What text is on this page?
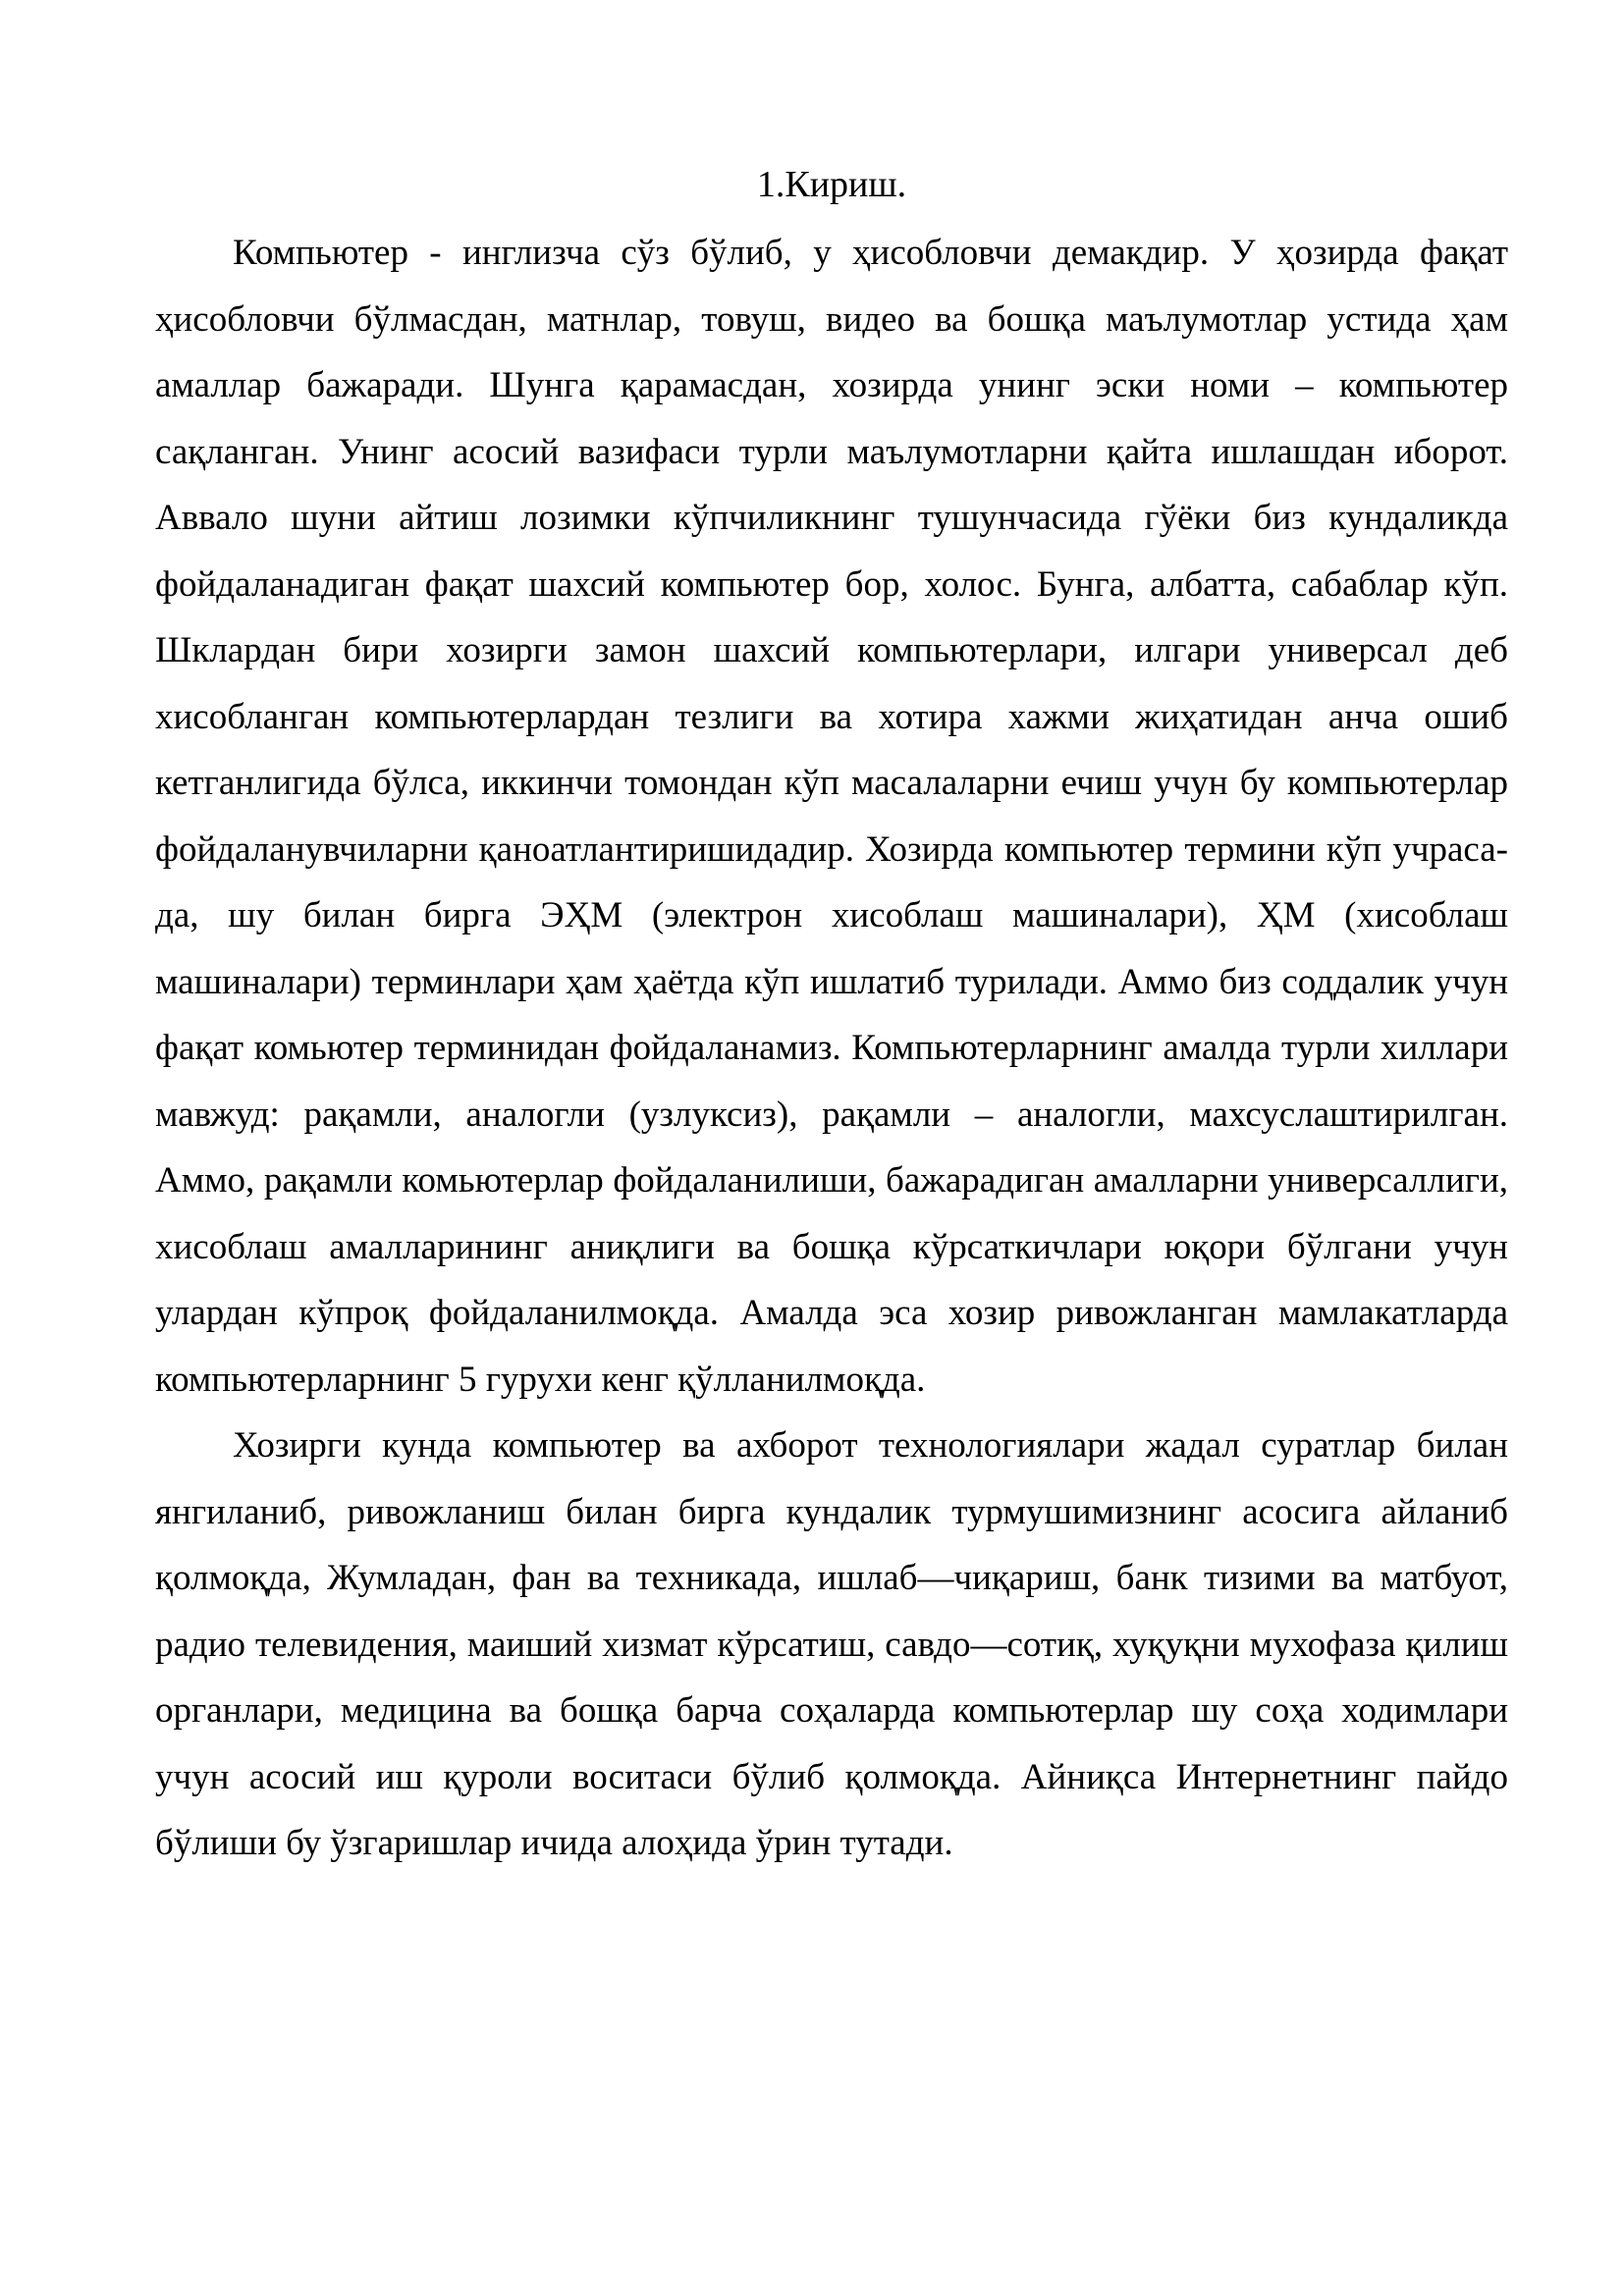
1.Кириш.

Компьютер - инглизча сўз бўлиб, у ҳисобловчи демакдир. У ҳозирда фақат ҳисобловчи бўлмасдан, матнлар, товуш, видео ва бошқа маълумотлар устида ҳам амаллар бажаради. Шунга қарамасдан, хозирда унинг эски номи – компьютер сақланган. Унинг асосий вазифаси турли маълумотларни қайта ишлашдан иборот. Аввало шуни айтиш лозимки кўпчиликнинг тушунчасида гўёки биз кундаликда фойдаланадиган фақат шахсий компьютер бор, холос. Бунга, албатта, сабаблар кўп. Шклардан бири хозирги замон шахсий компьютерлари, илгари универсал деб хисобланган компьютерлардан тезлиги ва хотира хажми жиҳатидан анча ошиб кетганлигида бўлса, иккинчи томондан кўп масалаларни ечиш учун бу компьютерлар фойдаланувчиларни қаноатлантиришидадир. Хозирда компьютер термини кўп учраса-да, шу билан бирга ЭҲМ (электрон хисоблаш машиналари), ҲМ (хисоблаш машиналари) терминлари ҳам ҳаётда кўп ишлатиб турилади. Аммо биз соддалик учун фақат комьютер терминидан фойдаланамиз. Компьютерларнинг амалда турли хиллари мавжуд: рақамли, аналогли (узлуксиз), рақамли – аналогли, махсуслаштирилган. Аммо, рақамли комьютерлар фойдаланилиши, бажарадиган амалларни универсаллиги, хисоблаш амалларининг аниқлиги ва бошқа кўрсаткичлари юқори бўлгани учун улардан кўпроқ фойдаланилмоқда. Амалда эса хозир ривожланган мамлакатларда компьютерларнинг 5 гурухи кенг қўлланилмоқда.

Хозирги кунда компьютер ва ахборот технологиялари жадал суратлар билан янгиланиб, ривожланиш билан бирга кундалик турмушимизнинг асосига айланиб қолмоқда, Жумладан, фан ва техникада, ишлаб—чиқариш, банк тизими ва матбуот, радио телевидения, маиший хизмат кўрсатиш, савдо—сотиқ, хуқуқни мухофаза қилиш органлари, медицина ва бошқа барча соҳаларда компьютерлар шу соҳа ходимлари учун асосий иш қуроли воситаси бўлиб қолмоқда. Айниқса Интернетнинг пайдо бўлиши бу ўзгаришлар ичида алоҳида ўрин тутади.
